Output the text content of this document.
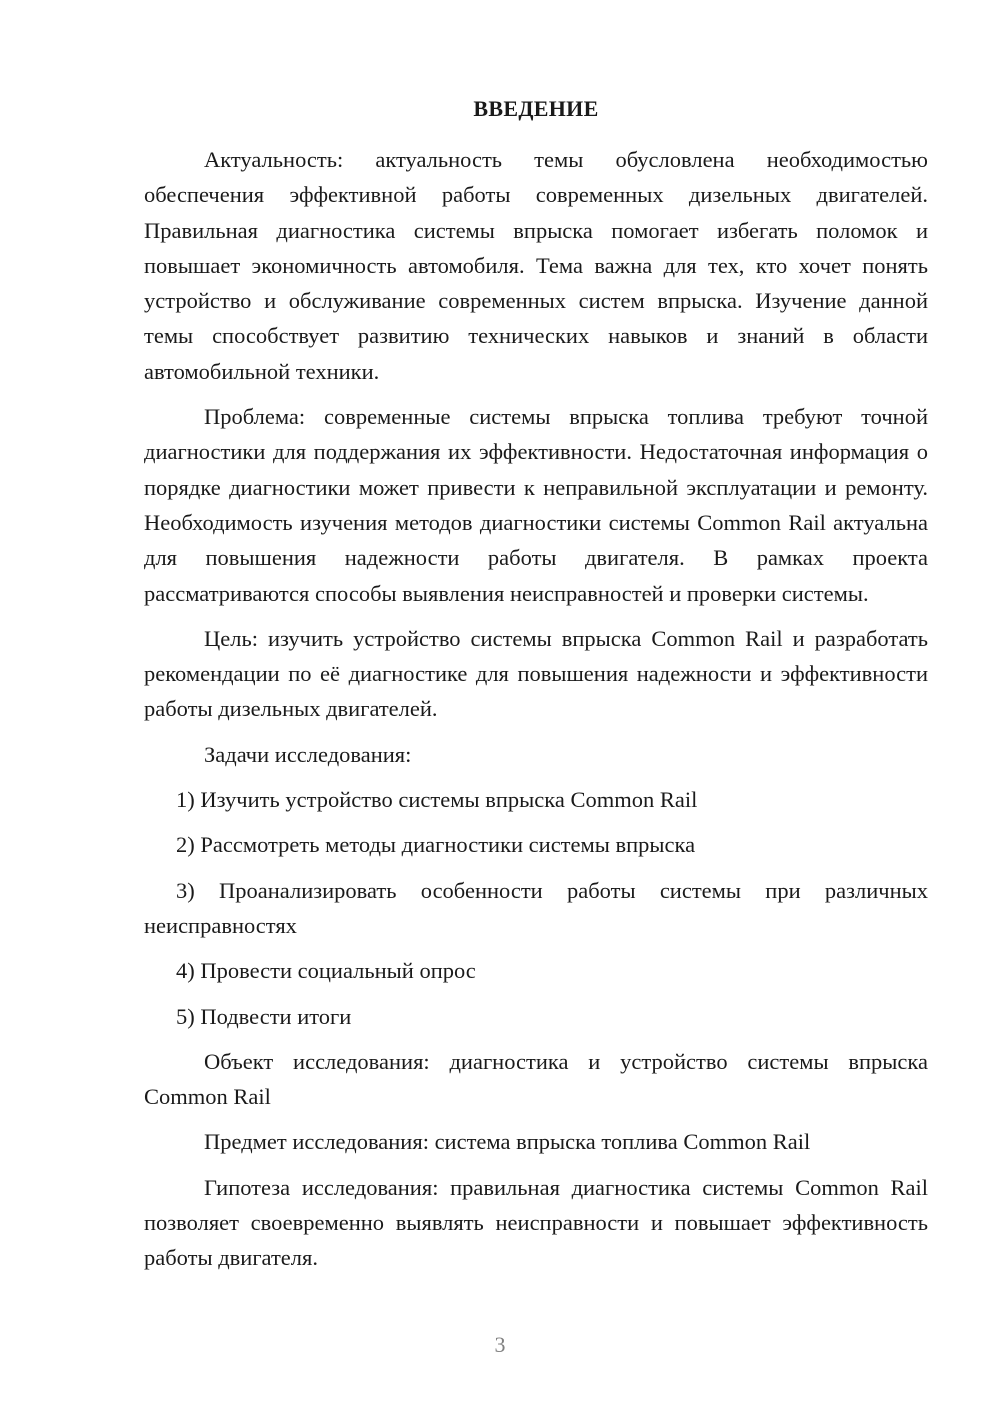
ВВЕДЕНИЕ

Актуальность: актуальность темы обусловлена необходимостью обеспечения эффективной работы современных дизельных двигателей. Правильная диагностика системы впрыска помогает избегать поломок и повышает экономичность автомобиля. Тема важна для тех, кто хочет понять устройство и обслуживание современных систем впрыска. Изучение данной темы способствует развитию технических навыков и знаний в области автомобильной техники.

Проблема: современные системы впрыска топлива требуют точной диагностики для поддержания их эффективности. Недостаточная информация о порядке диагностики может привести к неправильной эксплуатации и ремонту. Необходимость изучения методов диагностики системы Common Rail актуальна для повышения надежности работы двигателя. В рамках проекта рассматриваются способы выявления неисправностей и проверки системы.

Цель: изучить устройство системы впрыска Common Rail и разработать рекомендации по её диагностике для повышения надежности и эффективности работы дизельных двигателей.

Задачи исследования:

1) Изучить устройство системы впрыска Common Rail

2) Рассмотреть методы диагностики системы впрыска

3) Проанализировать особенности работы системы при различных неисправностях

4) Провести социальный опрос

5) Подвести итоги

Объект исследования: диагностика и устройство системы впрыска Common Rail

Предмет исследования: система впрыска топлива Common Rail

Гипотеза исследования: правильная диагностика системы Common Rail позволяет своевременно выявлять неисправности и повышает эффективность работы двигателя.

3
